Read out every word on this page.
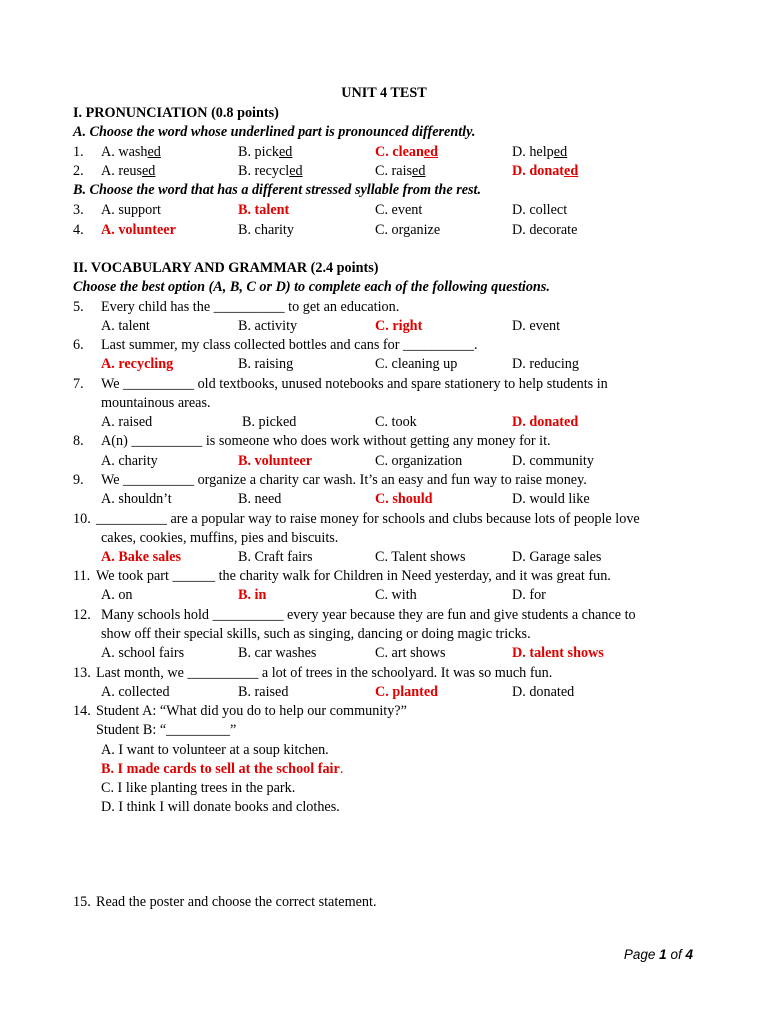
UNIT 4 TEST
I. PRONUNCIATION (0.8 points)
A. Choose the word whose underlined part is pronounced differently.
1. A. washed	B. picked	C. cleaned	D. helped
2. A. reused	B. recycled	C. raised	D. donated
B. Choose the word that has a different stressed syllable from the rest.
3. A. support	B. talent	C. event	D. collect
4. A. volunteer	B. charity	C. organize	D. decorate
II. VOCABULARY AND GRAMMAR (2.4 points)
Choose the best option (A, B, C or D) to complete each of the following questions.
5. Every child has the __________ to get an education.
A. talent	B. activity	C. right	D. event
6. Last summer, my class collected bottles and cans for __________.
A. recycling	B. raising	C. cleaning up	D. reducing
7. We __________ old textbooks, unused notebooks and spare stationery to help students in
mountainous areas.
A. raised	B. picked	C. took	D. donated
8. A(n) __________ is someone who does work without getting any money for it.
A. charity	B. volunteer	C. organization	D. community
9. We __________ organize a charity car wash. It’s an easy and fun way to raise money.
A. shouldn’t	B. need	C. should	D. would like
10. __________ are a popular way to raise money for schools and clubs because lots of people love
cakes, cookies, muffins, pies and biscuits.
A. Bake sales	B. Craft fairs	C. Talent shows	D. Garage sales
11. We took part ______ the charity walk for Children in Need yesterday, and it was great fun.
A. on	B. in	C. with	D. for
12. Many schools hold __________ every year because they are fun and give students a chance to
show off their special skills, such as singing, dancing or doing magic tricks.
A. school fairs	B. car washes	C. art shows	D. talent shows
13. Last month, we __________ a lot of trees in the schoolyard. It was so much fun.
A. collected	B. raised	C. planted	D. donated
14. Student A: “What did you do to help our community?”
Student B: “_________”
A. I want to volunteer at a soup kitchen.
B. I made cards to sell at the school fair.
C. I like planting trees in the park.
D. I think I will donate books and clothes.
15. Read the poster and choose the correct statement.
Page 1 of 4
